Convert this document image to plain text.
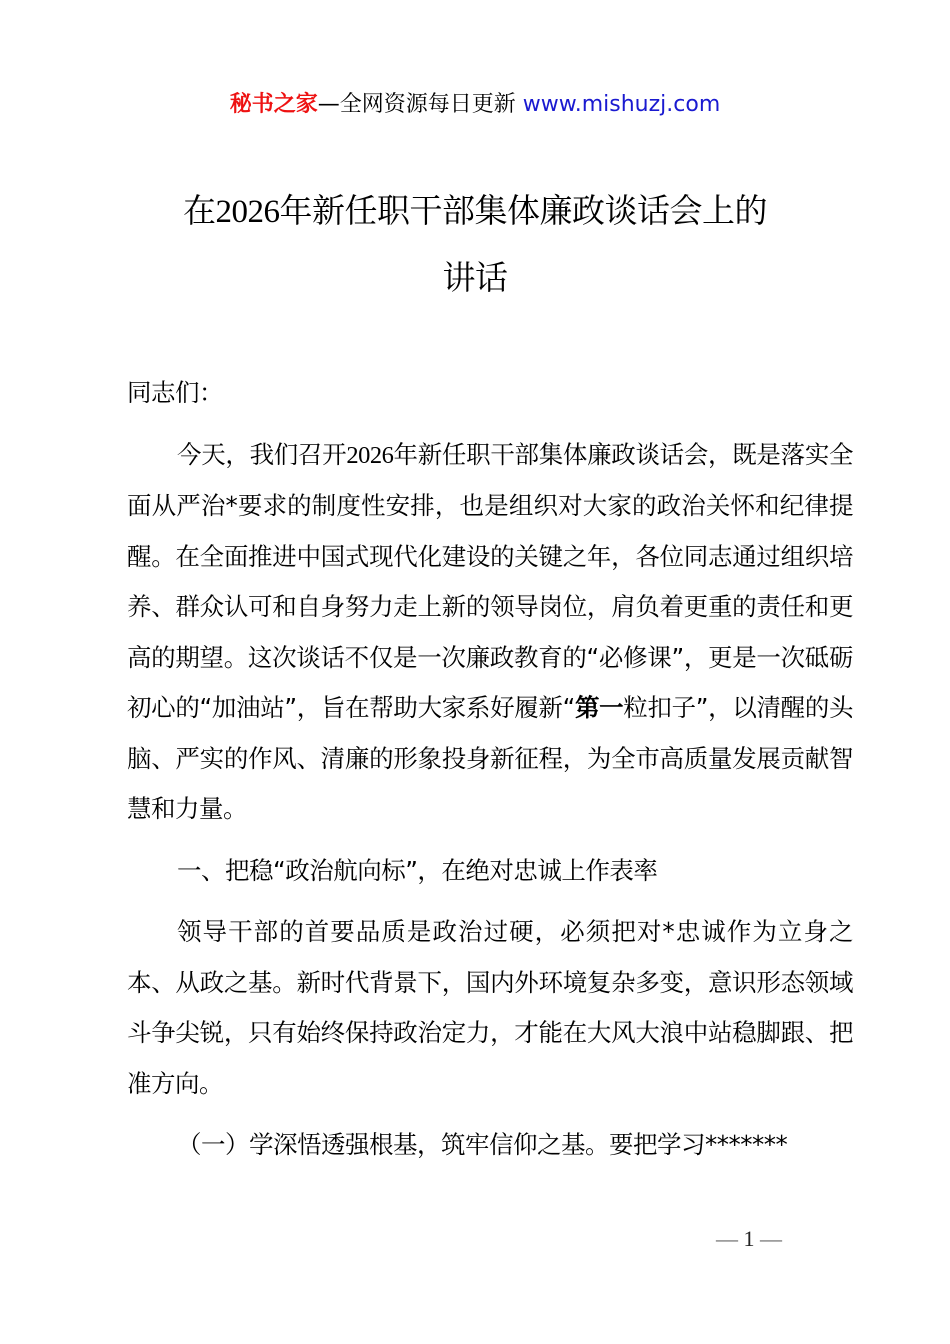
秘书之家—全网资源每日更新 www.mishuzj.com
在2026年新任职干部集体廉政谈话会上的
讲话

同志们：

今天，我们召开2026年新任职干部集体廉政谈话会，既是落实全面从严治*要求的制度性安排，也是组织对大家的政治关怀和纪律提醒。在全面推进中国式现代化建设的关键之年，各位同志通过组织培养、群众认可和自身努力走上新的领导岗位，肩负着更重的责任和更高的期望。这次谈话不仅是一次廉政教育的“必修课”，更是一次砥砺初心的“加油站”，旨在帮助大家系好履新“第一粒扣子”，以清醒的头脑、严实的作风、清廉的形象投身新征程，为全市高质量发展贡献智慧和力量。

一、把稳“政治航向标”，在绝对忠诚上作表率

领导干部的首要品质是政治过硬，必须把对*忠诚作为立身之本、从政之基。新时代背景下，国内外环境复杂多变，意识形态领域斗争尖锐，只有始终保持政治定力，才能在大风大浪中站稳脚跟、把准方向。

（一）学深悟透强根基，筑牢信仰之基。要把学习*******

— 1 —
